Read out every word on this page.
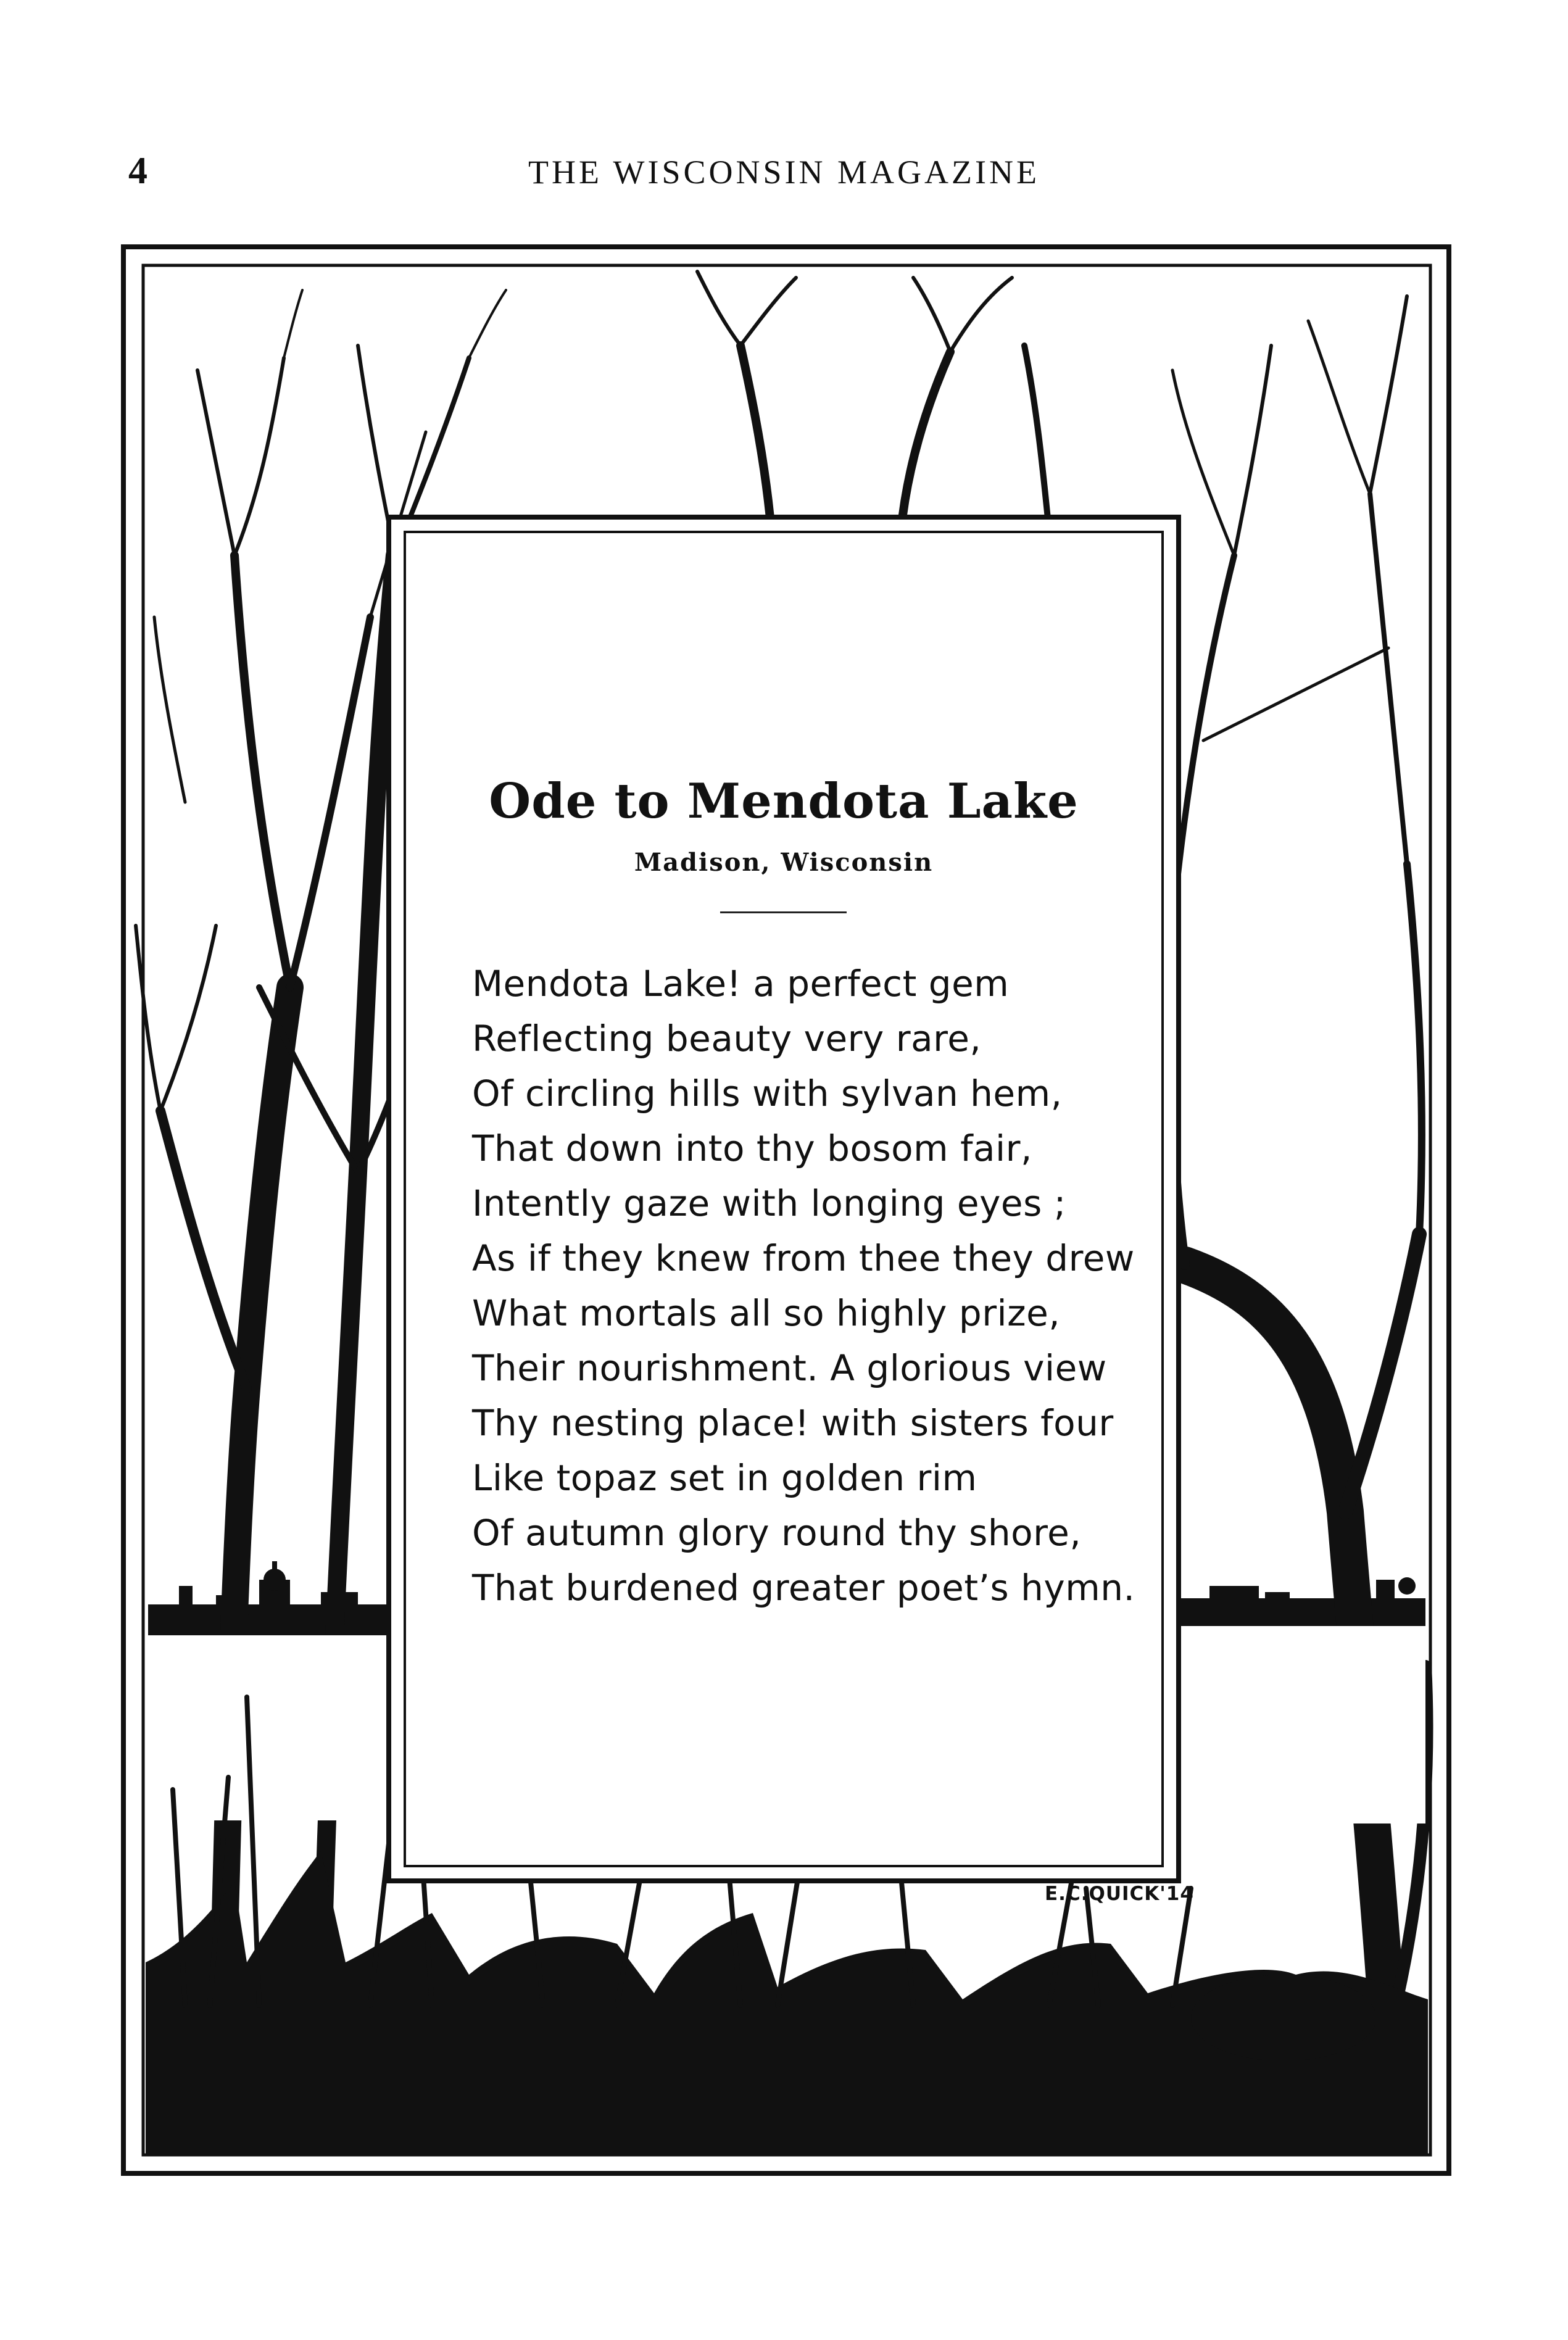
4	THE WISCONSIN MAGAZINE
Ode to Mendota Lake
Madison, Wisconsin
Mendota Lake! a perfect gem
Reflecting beauty very rare,
Of circling hills with sylvan hem,
That down into thy bosom fair,
Intently gaze with longing eyes ;
As if they knew from thee they drew
What mortals all so highly prize,
Their nourishment. A glorious view
Thy nesting place! with sisters four
Like topaz set in golden rim
Of autumn glory round thy shore,
That burdened greater poet’s hymn.
E.C.QUICK'14
